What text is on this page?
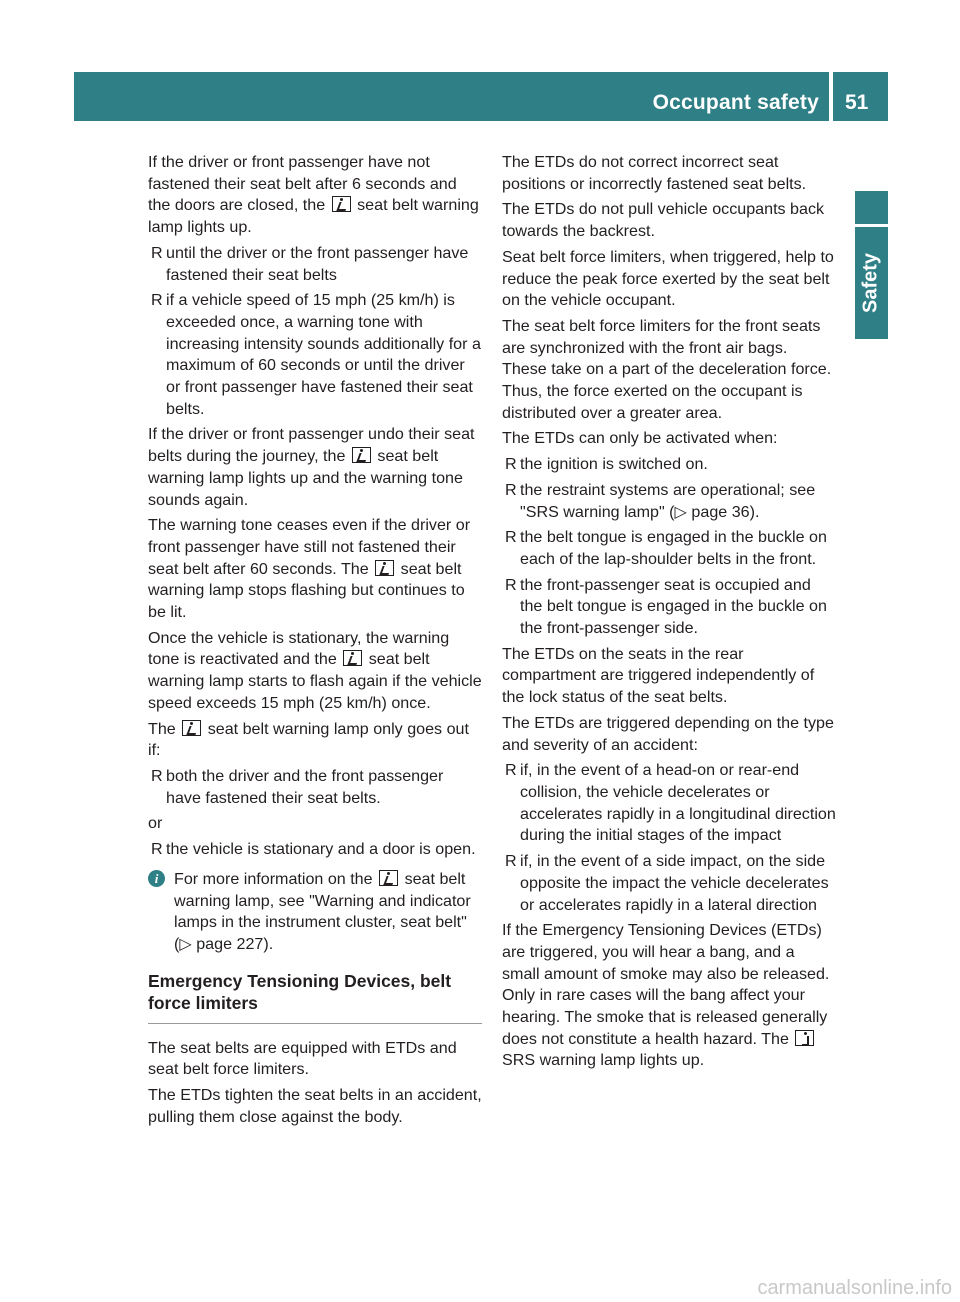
Occupant safety 51
Safety

If the driver or front passenger have not fastened their seat belt after 6 seconds and the doors are closed, the seat belt warning lamp lights up.

R until the driver or the front passenger have fastened their seat belts
R if a vehicle speed of 15 mph (25 km/h) is exceeded once, a warning tone with increasing intensity sounds additionally for a maximum of 60 seconds or until the driver or front passenger have fastened their seat belts.

If the driver or front passenger undo their seat belts during the journey, the seat belt warning lamp lights up and the warning tone sounds again.

The warning tone ceases even if the driver or front passenger have still not fastened their seat belt after 60 seconds. The seat belt warning lamp stops flashing but continues to be lit.

Once the vehicle is stationary, the warning tone is reactivated and the seat belt warning lamp starts to flash again if the vehicle speed exceeds 15 mph (25 km/h) once.

The seat belt warning lamp only goes out if:

R both the driver and the front passenger have fastened their seat belts.

or

R the vehicle is stationary and a door is open.
i For more information on the seat belt warning lamp, see "Warning and indicator lamps in the instrument cluster, seat belt" (▷ page 227).
Emergency Tensioning Devices, belt force limiters

The seat belts are equipped with ETDs and seat belt force limiters.

The ETDs tighten the seat belts in an accident, pulling them close against the body.

The ETDs do not correct incorrect seat positions or incorrectly fastened seat belts.

The ETDs do not pull vehicle occupants back towards the backrest.

Seat belt force limiters, when triggered, help to reduce the peak force exerted by the seat belt on the vehicle occupant.

The seat belt force limiters for the front seats are synchronized with the front air bags. These take on a part of the deceleration force. Thus, the force exerted on the occupant is distributed over a greater area.

The ETDs can only be activated when:

R the ignition is switched on.
R the restraint systems are operational; see "SRS warning lamp" (▷ page 36).
R the belt tongue is engaged in the buckle on each of the lap-shoulder belts in the front.
R the front-passenger seat is occupied and the belt tongue is engaged in the buckle on the front-passenger side.

The ETDs on the seats in the rear compartment are triggered independently of the lock status of the seat belts.

The ETDs are triggered depending on the type and severity of an accident:

R if, in the event of a head-on or rear-end collision, the vehicle decelerates or accelerates rapidly in a longitudinal direction during the initial stages of the impact
R if, in the event of a side impact, on the side opposite the impact the vehicle decelerates or accelerates rapidly in a lateral direction

If the Emergency Tensioning Devices (ETDs) are triggered, you will hear a bang, and a small amount of smoke may also be released. Only in rare cases will the bang affect your hearing. The smoke that is released generally does not constitute a health hazard. The  SRS warning lamp lights up.

carmanualsonline.info
